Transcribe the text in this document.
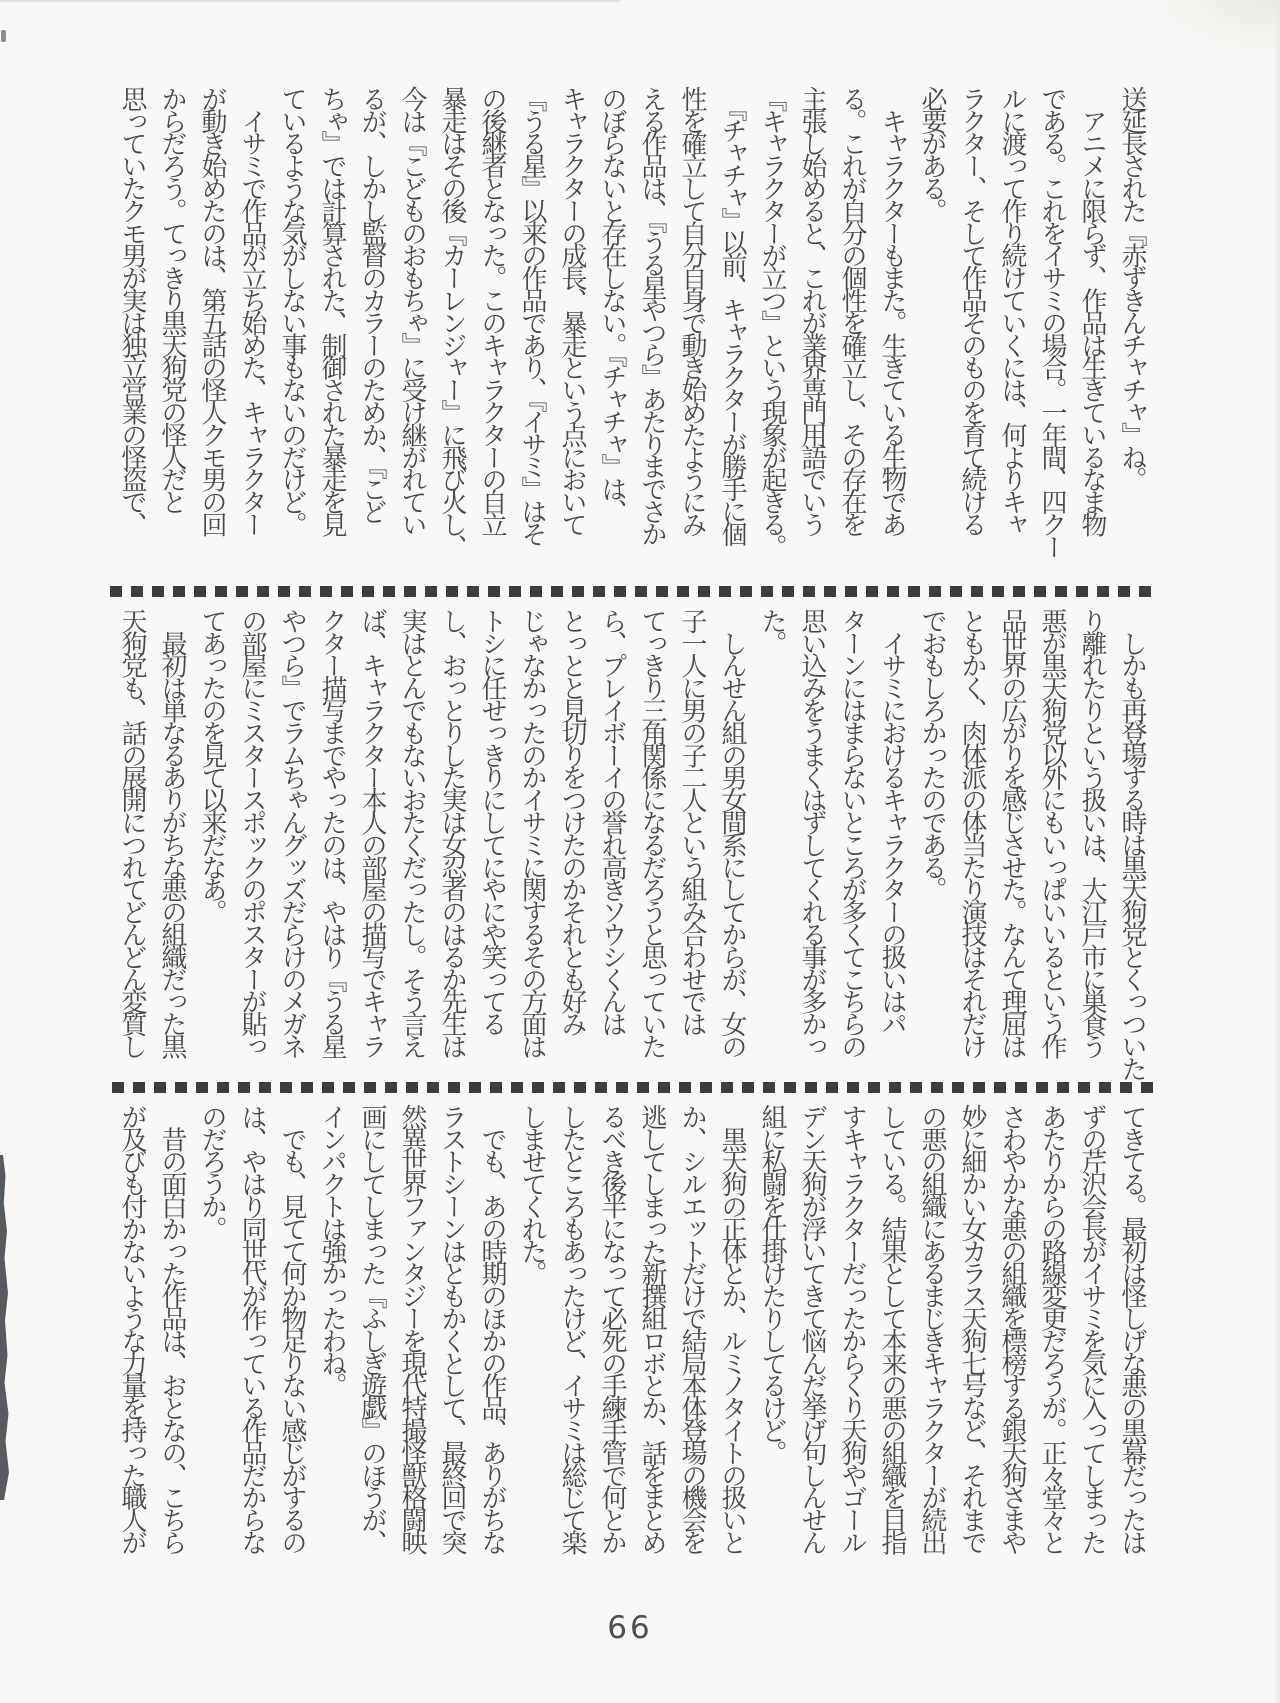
送延長された『赤ずきんチャチャ』ね。
　アニメに限らず、作品は生きているなま物
である。これをイサミの場合。一年間、四クー
ルに渡って作り続けていくには、何よりキャ
ラクター、そして作品そのものを育て続ける
必要がある。
　キャラクターもまた。生きている生物であ
る。これが自分の個性を確立し、その存在を
主張し始めると、これが業界専門用語でいう
『キャラクターが立つ』という現象が起きる。
　『チャチャ』以前、キャラクターが勝手に個
性を確立して自分自身で動き始めたようにみ
える作品は、『うる星やつら』あたりまでさか
のぼらないと存在しない。『チャチャ』は、
キャラクターの成長、暴走という点において
『うる星』以来の作品であり、『イサミ』はそ
の後継者となった。このキャラクターの自立
暴走はその後『カーレンジャー』に飛び火し、
今は『こどものおもちゃ』に受け継がれてい
るが、しかし監督のカラーのためか、『こど
ちゃ』では計算された、制御された暴走を見
ているような気がしない事もないのだけど。
　イサミで作品が立ち始めた、キャラクター
が動き始めたのは、第五話の怪人クモ男の回
からだろう。てっきり黒天狗党の怪人だと
思っていたクモ男が実は独立営業の怪盗で、
　しかも再登場する時は黒天狗党とくっついた
り離れたりという扱いは、大江戸市に巣食う
悪が黒天狗党以外にもいっぱいいるという作
品世界の広がりを感じさせた。なんて理屈は
ともかく、肉体派の体当たり演技はそれだけ
でおもしろかったのである。
　イサミにおけるキャラクターの扱いはパ
ターンにはまらないところが多くてこちらの
思い込みをうまくはずしてくれる事が多かっ
た。
　しんせん組の男女間系にしてからが、女の
子一人に男の子二人という組み合わせでは
てっきり三角関係になるだろうと思っていた
ら、プレイボーイの誉れ高きソウシくんは
とっとと見切りをつけたのかそれとも好み
じゃなかったのかイサミに関するその方面は
トシに任せっきりにしてにやにや笑ってる
し、おっとりした実は女忍者のはるか先生は
実はとんでもないおたくだったし。そう言え
ば、キャラクター本人の部屋の描写でキャラ
クター描写までやったのは、やはり『うる星
やつら』でラムちゃんグッズだらけのメガネ
の部屋にミスタースポックのポスターが貼っ
てあったのを見て以来だなあ。
　最初は単なるありがちな悪の組織だった黒
天狗党も、話の展開につれてどんどん変質し
てきてる。最初は怪しげな悪の黒幕だったは
ずの芹沢会長がイサミを気に入ってしまった
あたりからの路線変更だろうが。正々堂々と
さわやかな悪の組織を標榜する銀天狗さまや
妙に細かい女カラス天狗七号など、それまで
の悪の組織にあるまじきキャラクターが続出
している。結果として本来の悪の組織を目指
すキャラクターだったからくり天狗やゴール
デン天狗が浮いてきて悩んだ挙げ句しんせん
組に私闘を仕掛けたりしてるけど。
　黒天狗の正体とか、ルミノタイトの扱いと
か、シルエットだけで結局本体登場の機会を
逃してしまった新撰組ロボとか、話をまとめ
るべき後半になって必死の手練手管で何とか
したところもあったけど、イサミは総じて楽
しませてくれた。
　でも、あの時期のほかの作品、ありがちな
ラストシーンはともかくとして、最終回で突
然異世界ファンタジーを現代特撮怪獣格闘映
画にしてしまった『ふしぎ遊戯』のほうが、
インパクトは強かったわね。
　でも、見てて何か物足りない感じがするの
は、やはり同世代が作っている作品だからな
のだろうか。
　昔の面白かった作品は、おとなの、こちら
が及びも付かないような力量を持った職人が
66
